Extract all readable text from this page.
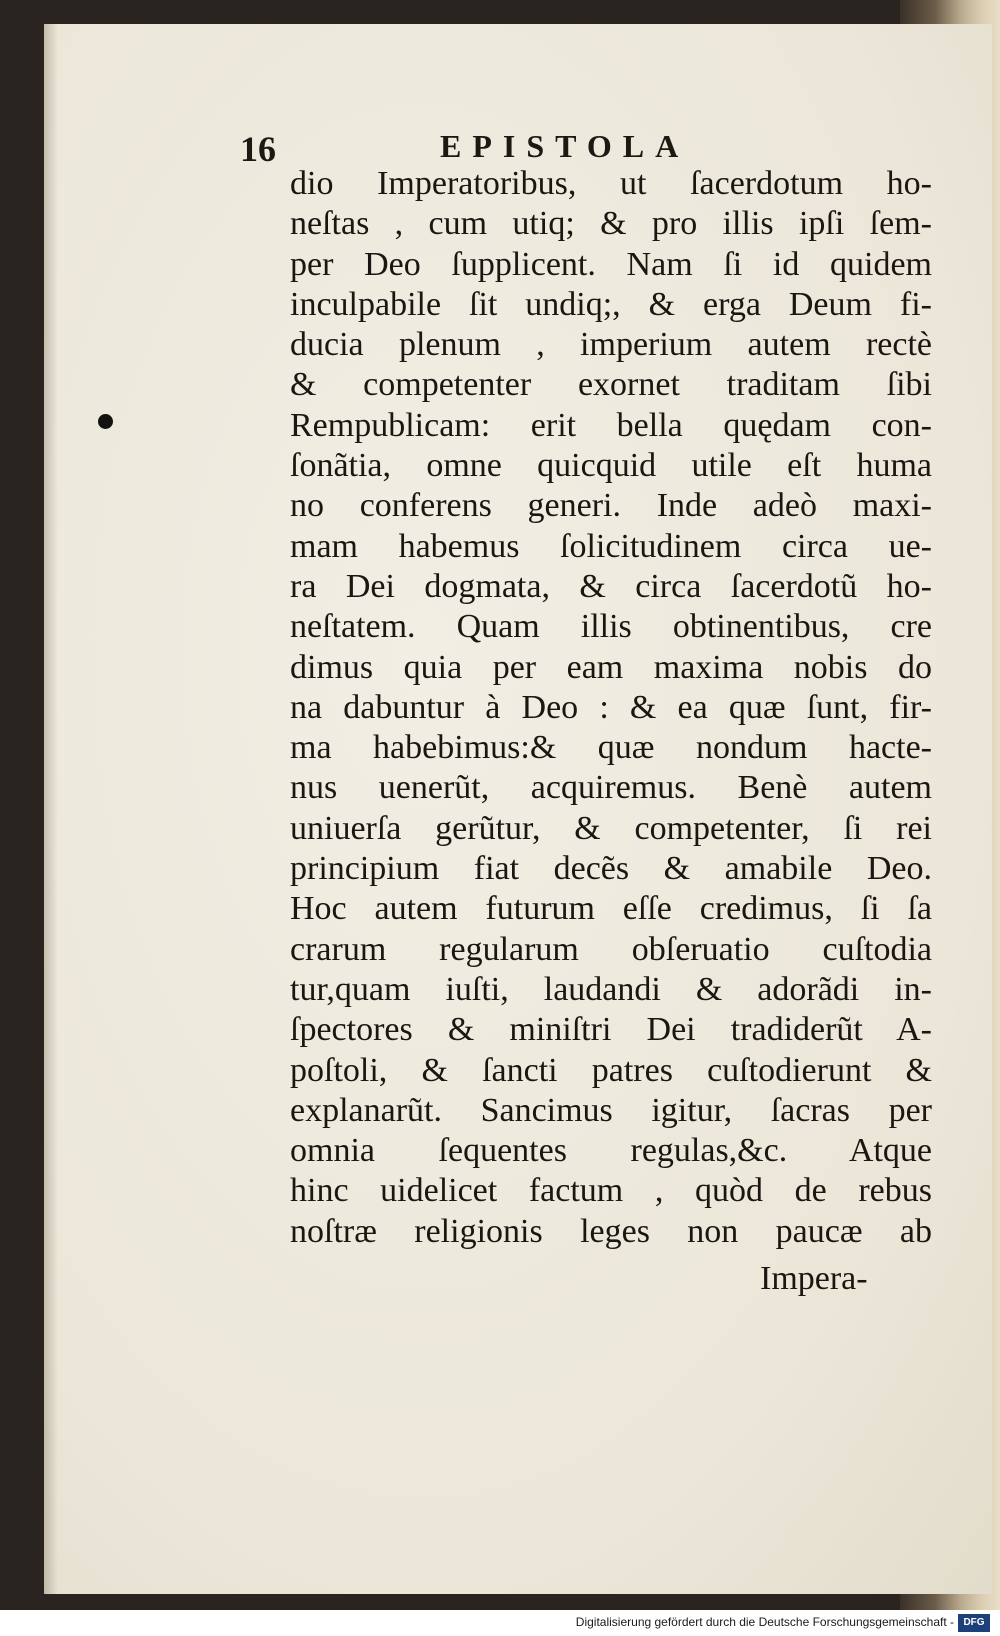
16	EPISTOLA
dio Imperatoribus, ut ſacerdotum ho-
neſtas , cum utiq; & pro illis ipſi ſem-
per Deo ſupplicent. Nam ſi id quidem
inculpabile ſit undiq;, & erga Deum fi-
ducia plenum , imperium autem rectè
& competenter exornet traditam ſibi
Rempublicam: erit bella quędam con-
ſonãtia, omne quicquid utile eſt huma
no conferens generi. Inde adeò maxi-
mam habemus ſolicitudinem circa ue-
ra Dei dogmata, & circa ſacerdotũ ho-
neſtatem. Quam illis obtinentibus, cre
dimus quia per eam maxima nobis do
na dabuntur à Deo : & ea quæ ſunt, fir-
ma habebimus:& quæ nondum hacte-
nus uenerũt, acquiremus. Benè autem
uniuerſa gerũtur, & competenter, ſi rei
principium fiat decẽs & amabile Deo.
Hoc autem futurum eſſe credimus, ſi ſa
crarum regularum obſeruatio cuſtodia
tur,quam iuſti, laudandi & adorãdi in-
ſpectores & miniſtri Dei tradiderũt A-
poſtoli, & ſancti patres cuſtodierunt &
explanarũt. Sancimus igitur, ſacras per
omnia ſequentes regulas,&c. Atque
hinc uidelicet factum , quòd de rebus
noſtræ religionis leges non paucæ ab
Impera-
Digitalisierung gefördert durch die Deutsche Forschungsgemeinschaft - DFG
